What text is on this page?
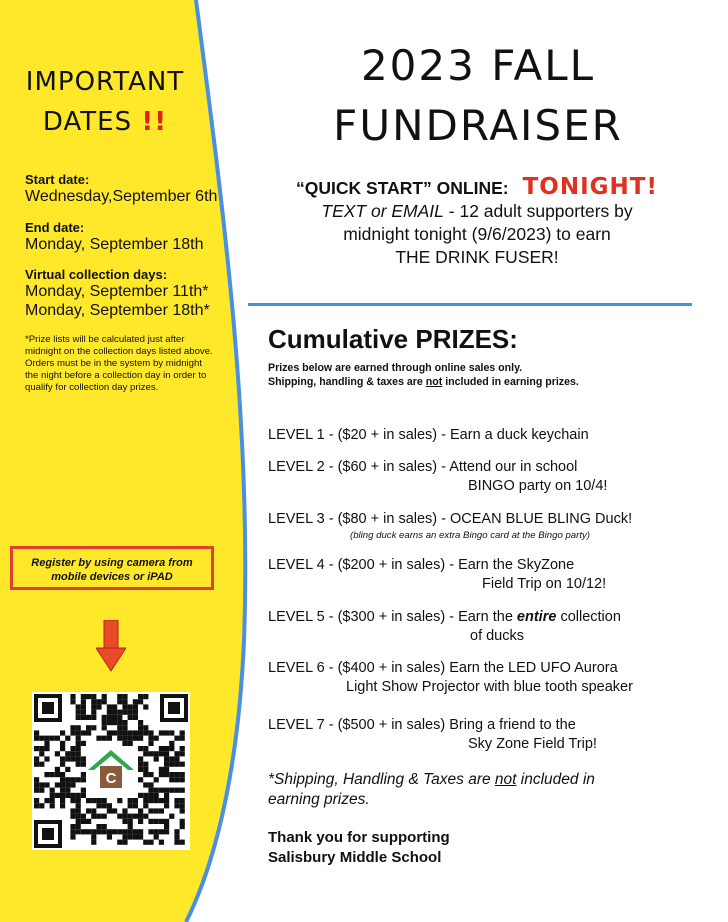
IMPORTANT
DATES !!
Start date:
Wednesday,September 6th
End date:
Monday, September 18th
Virtual collection days:
Monday, September 11th*
Monday, September 18th*
*Prize lists will be calculated just after
midnight on the collection days listed above.
Orders must be in the system by midnight
the night before a collection day in order to
qualify for collection day prizes.
Register by using camera from
mobile devices or iPAD
C
2023 FALL
FUNDRAISER
“QUICK START” ONLINE: TONIGHT!
TEXT or EMAIL - 12 adult supporters by
midnight tonight (9/6/2023) to earn
THE DRINK FUSER!
Cumulative PRIZES:
Prizes below are earned through online sales only.
Shipping, handling & taxes are not included in earning prizes.
LEVEL 1 - ($20 + in sales) - Earn a duck keychain
LEVEL 2 - ($60 + in sales) - Attend our in school
BINGO party on 10/4!
LEVEL 3 - ($80 + in sales) - OCEAN BLUE BLING Duck!
(bling duck earns an extra Bingo card at the Bingo party)
LEVEL 4 - ($200 + in sales) - Earn the SkyZone
Field Trip on 10/12!
LEVEL 5 - ($300 + in sales) - Earn the entire collection
of ducks
LEVEL 6 - ($400 + in sales) Earn the LED UFO Aurora
Light Show Projector with blue tooth speaker
LEVEL 7 - ($500 + in sales) Bring a friend to the
Sky Zone Field Trip!
*Shipping, Handling & Taxes are not included in
earning prizes.
Thank you for supporting
Salisbury Middle School
